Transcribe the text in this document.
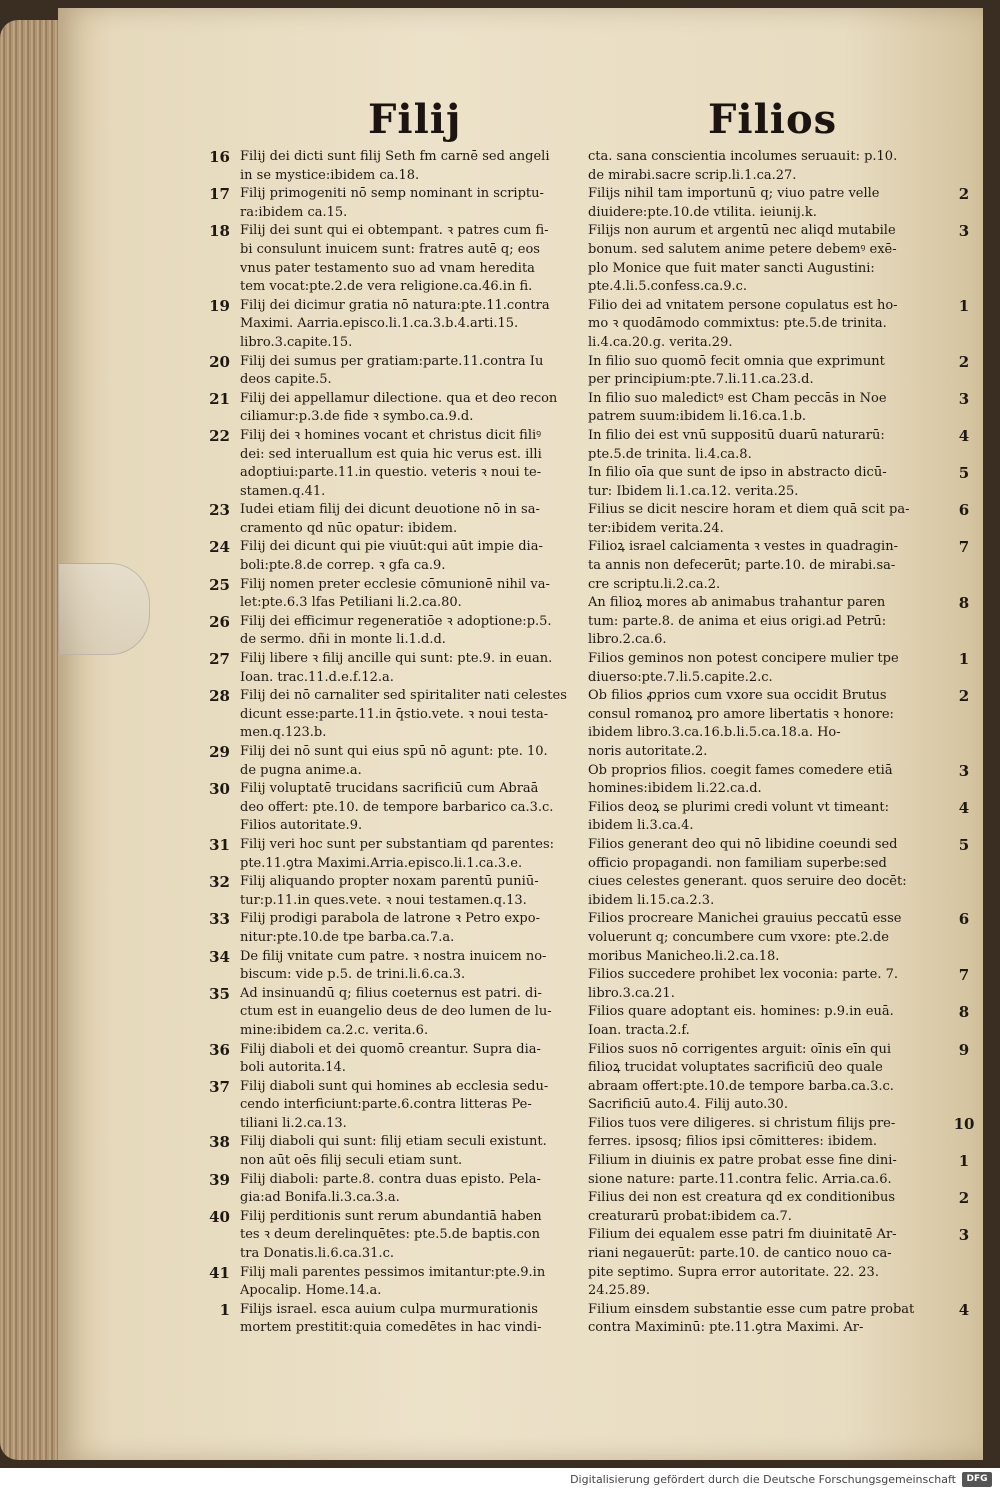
Filij	Filios
16 Filij dei dicti sunt filij Seth fm carnē sed angeli
in se mystice:ibidem ca.18.
17 Filij primogeniti nō semp nominant̄ in scriptu-
ra:ibidem ca.15.
18 Filij dei sunt qui ei obtempant. ꝛ patres cum fi-
bi consulunt inuicem sunt: fratres autē q; eos
vnus pater testamento suo ad vnam heredita
tem vocat:pte.2.de vera religione.ca.46.in fi.
19 Filij dei dicimur gratia nō natura:pte.11.contra
Maximi. Aarria.episco.li.1.ca.3.b.4.arti.15.
libro.3.capite.15.
20 Filij dei sumus per gratiam:parte.11.contra Iu
deos capite.5.
21 Filij dei appellamur dilectione. qua et deo recon
ciliamur:p.3.de fide ꝛ symbo.ca.9.d.
22 Filij dei ꝛ homines vocant̄ et christus dicit̄ filiꝰ
dei: sed interuallum est quia hic verus est. illi
adoptiui:parte.11.in questio. veteris ꝛ noui te-
stamen.q.41.
23 Iudei etiam filij dei dicunt̄ deuotione nō in sa-
cramento qd nūc opatur: ibidem.
24 Filij dei dicunt̄ qui pie viuūt:qui aūt impie dia-
boli:pte.8.de correp. ꝛ gfa ca.9.
25 Filij nomen preter ecclesie cōmunionē nihil va-
let:pte.6.3 lfas Petiliani li.2.ca.80.
26 Filij dei efficimur regeneratiōe ꝛ adoptione:p.5.
de sermo. dñi in monte li.1.d.d.
27 Filij libere ꝛ filij ancille qui sunt: pte.9. in euan.
Ioan. trac.11.d.e.f.12.a.
28 Filij dei nō carnaliter sed spiritaliter nati celestes
dicunt̄ esse:parte.11.in q̄stio.vete. ꝛ noui testa-
men.q.123.b.
29 Filij dei nō sunt qui eius spū nō agunt̄: pte. 10.
de pugna anime.a.
30 Filij voluptatē trucidans sacrificiū cum Abraā
deo offert: pte.10. de tempore barbarico ca.3.c.
Filios autoritate.9.
31 Filij veri hoc sunt per substantiam qd parentes:
pte.11.ꝯtra Maximi.Arria.episco.li.1.ca.3.e.
32 Filij aliquando propter noxam parentū puniū-
tur:p.11.in ques.vete. ꝛ noui testamen.q.13.
33 Filij prodigi parabola de latrone ꝛ Petro expo-
nitur:pte.10.de tpe barba.ca.7.a.
34 De filij vnitate cum patre. ꝛ nostra inuicem no-
biscum: vide p.5. de trini.li.6.ca.3.
35 Ad insinuandū q; filius coeternus est patri. di-
ctum est in euangelio deus de deo lumen de lu-
mine:ibidem ca.2.c. verita.6.
36 Filij diaboli et dei quomō creantur. Supra dia-
boli autorita.14.
37 Filij diaboli sunt qui homines ab ecclesia sedu-
cendo interficiunt:parte.6.contra litteras Pe-
tiliani li.2.ca.13.
38 Filij diaboli qui sunt: filij etiam seculi existunt.
non aūt oēs filij seculi etiam sunt.
39 Filij diaboli: parte.8. contra duas episto. Pela-
gia:ad Bonifa.li.3.ca.3.a.
40 Filij perditionis sunt rerum abundantiā haben
tes ꝛ deum derelinquētes: pte.5.de baptis.con
tra Donatis.li.6.ca.31.c.
41 Filij mali parentes pessimos imitantur:pte.9.in
Apocalip. Home.14.a.
1 Filijs israel. esca auium culpa murmurationis
mortem prestitit:quia comedētes in hac vindi-
cta. sana conscientia incolumes seruauit: p.10.
de mirabi.sacre scrip.li.1.ca.27.
2
Filijs nihil tam importunū q; viuo patre velle
diuidere:pte.10.de vtilita. ieiunij.k.
3
Filijs non aurum et argentū nec aliqd mutabile
bonum. sed salutem anime petere debemꝰ exē-
plo Monice que fuit mater sancti Augustini:
pte.4.li.5.confess.ca.9.c.
1
Filio dei ad vnitatem persone copulatus est ho-
mo ꝛ quodāmodo commixtus: pte.5.de trinita.
li.4.ca.20.g. verita.29.
2
In filio suo quomō fecit omnia que exprimunt̄
per principium:pte.7.li.11.ca.23.d.
3
In filio suo maledictꝰ est Cham peccās in Noe
patrem suum:ibidem li.16.ca.1.b.
4
In filio dei est vnū suppositū duarū naturarū:
pte.5.de trinita. li.4.ca.8.
5
In filio oīa que sunt de ipso in abstracto dicū-
tur: Ibidem li.1.ca.12. verita.25.
6
Filius se dicit nescire horam et diem quā scit pa-
ter:ibidem verita.24.
7
Filioꝝ israel calciamenta ꝛ vestes in quadragin-
ta annis non defecerūt; parte.10. de mirabi.sa-
cre scriptu.li.2.ca.2.
8
An filioꝝ mores ab animabus trahantur paren
tum: parte.8. de anima et eius origi.ad Petrū:
libro.2.ca.6.
1
Filios geminos non potest concipere mulier tpe
diuerso:pte.7.li.5.capite.2.c.
2
Ob filios ꝓprios cum vxore sua occidit Brutus
consul romanoꝝ pro amore libertatis ꝛ honore:
ibidem libro.3.ca.16.b.li.5.ca.18.a. Ho-
noris autoritate.2.
3
Ob proprios filios. coegit fames comedere etiā
homines:ibidem li.22.ca.d.
4
Filios deoꝝ se plurimi credi volunt vt timeant̄:
ibidem li.3.ca.4.
5
Filios generant deo qui nō libidine coeundi sed
officio propagandi. non familiam superbe:sed
ciues celestes generant. quos seruire deo docēt:
ibidem li.15.ca.2.3.
6
Filios procreare Manichei grauius peccatū esse
voluerunt q; concumbere cum vxore: pte.2.de
moribus Manicheo.li.2.ca.18.
7
Filios succedere prohibet lex voconia: parte. 7.
libro.3.ca.21.
8
Filios quare adoptant eis. homines: p.9.in euā.
Ioan. tracta.2.f.
9
Filios suos nō corrigentes arguit: oīnis eīn qui
filioꝝ trucidat voluptates sacrificiū deo quale
abraam offert:pte.10.de tempore barba.ca.3.c.
Sacrificiū auto.4. Filij auto.30.
10
Filios tuos vere diligeres. si christum filijs pre-
ferres. ipsosq; filios ipsi cōmitteres: ibidem.
1
Filium in diuinis ex patre probat esse fine dini-
sione nature: parte.11.contra felic. Arria.ca.6.
2
Filius dei non est creatura qd ex conditionibus
creaturarū probat̄:ibidem ca.7.
3
Filium dei equalem esse patri fm diuinitatē Ar-
riani negauerūt: parte.10. de cantico nouo ca-
pite septimo. Supra error autoritate. 22. 23.
24.25.89.
4
Filium einsdem substantie esse cum patre probat
contra Maximinū: pte.11.ꝯtra Maximi. Ar-
Digitalisierung gefördert durch die Deutsche Forschungsgemeinschaft	DFG
